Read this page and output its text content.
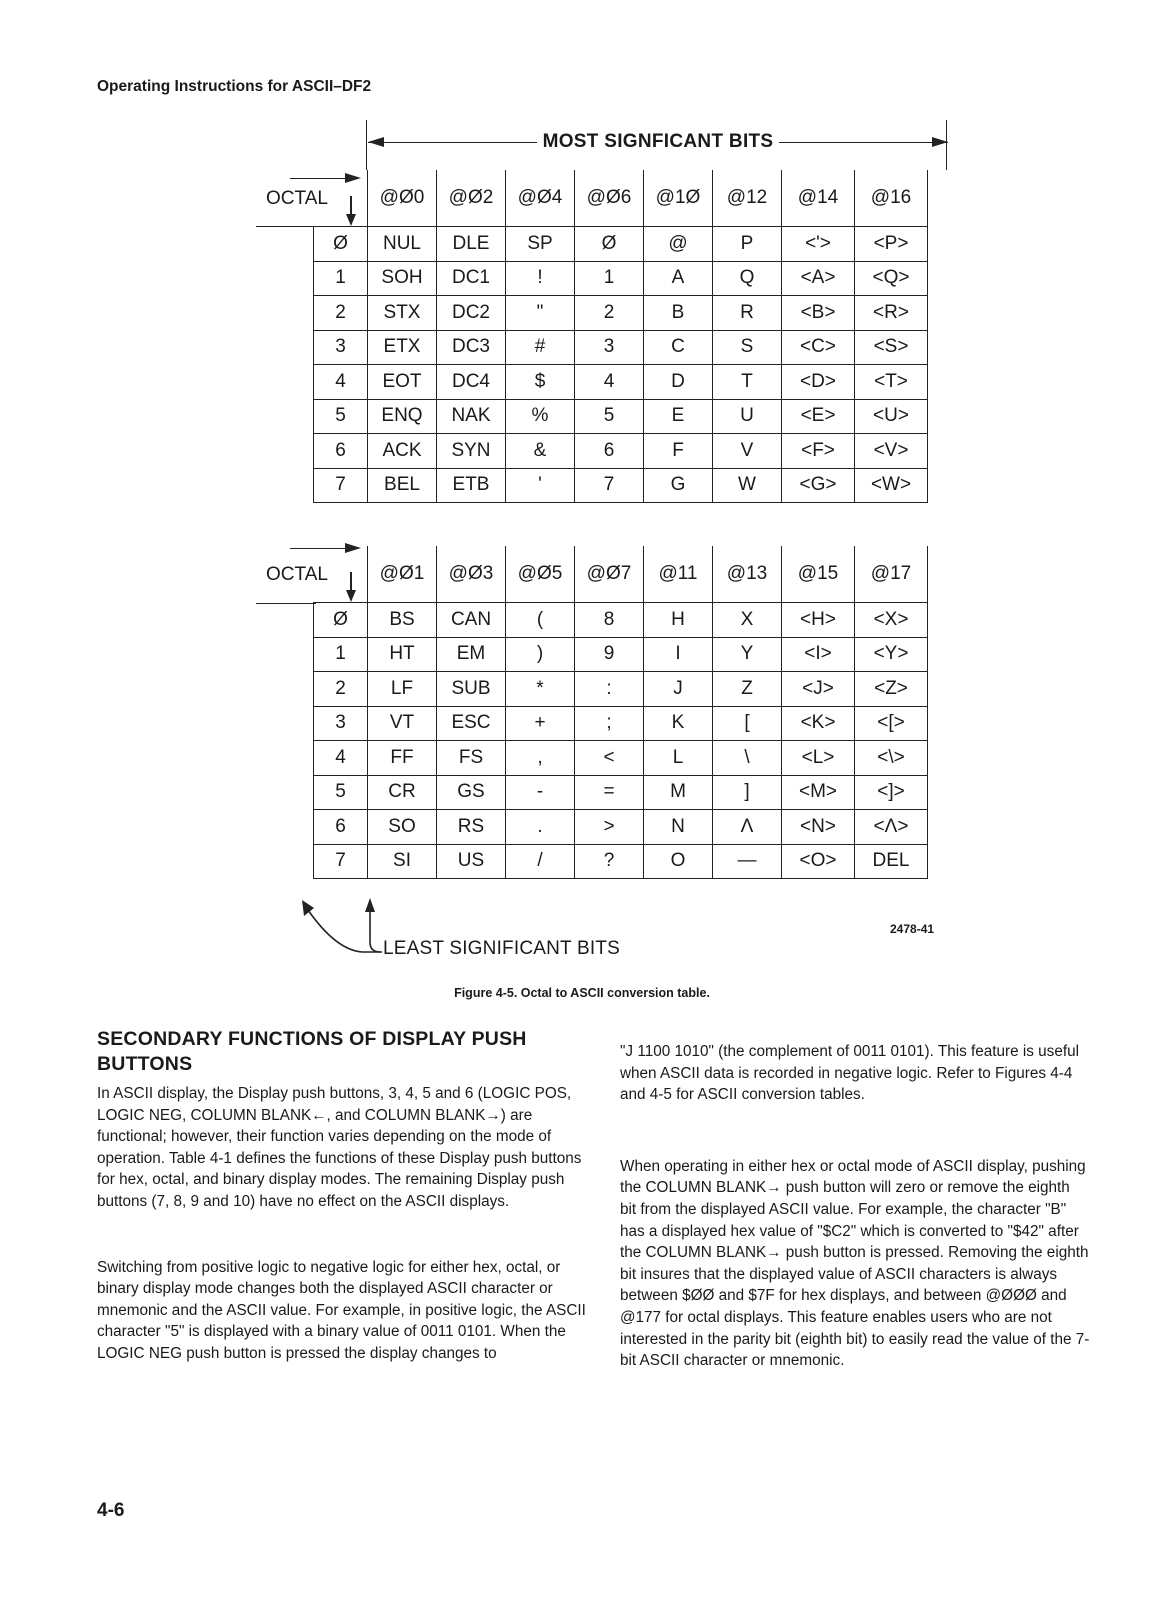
Operating Instructions for ASCII–DF2
MOST SIGNFICANT BITS
OCTAL
		@Ø0	@Ø2	@Ø4	@Ø6	@1Ø	@12	@14	@16
Ø	NUL	DLE	SP	Ø	@	P	<'>	<P>
1	SOH	DC1	!	1	A	Q	<A>	<Q>
2	STX	DC2	"	2	B	R	<B>	<R>
3	ETX	DC3	#	3	C	S	<C>	<S>
4	EOT	DC4	$	4	D	T	<D>	<T>
5	ENQ	NAK	%	5	E	U	<E>	<U>
6	ACK	SYN	&	6	F	V	<F>	<V>
7	BEL	ETB	'	7	G	W	<G>	<W>
OCTAL
		@Ø1	@Ø3	@Ø5	@Ø7	@11	@13	@15	@17
Ø	BS	CAN	(	8	H	X	<H>	<X>
1	HT	EM	)	9	I	Y	<I>	<Y>
2	LF	SUB	*	:	J	Z	<J>	<Z>
3	VT	ESC	+	;	K	[	<K>	<[>
4	FF	FS	,	<	L	\	<L>	<\>
5	CR	GS	-	=	M	]	<M>	<]>
6	SO	RS	.	>	N	Λ	<N>	<Λ>
7	SI	US	/	?	O	—	<O>	DEL
LEAST SIGNIFICANT BITS
2478-41
Figure 4-5. Octal to ASCII conversion table.
SECONDARY FUNCTIONS OF DISPLAY PUSH BUTTONS

In ASCII display, the Display push buttons, 3, 4, 5 and 6 (LOGIC POS, LOGIC NEG, COLUMN BLANK←, and COLUMN BLANK→) are functional; however, their function varies depending on the mode of operation. Table 4-1 defines the functions of these Display push buttons for hex, octal, and binary display modes. The remaining Display push buttons (7, 8, 9 and 10) have no effect on the ASCII displays.

Switching from positive logic to negative logic for either hex, octal, or binary display mode changes both the displayed ASCII character or mnemonic and the ASCII value. For example, in positive logic, the ASCII character "5" is displayed with a binary value of 0011 0101. When the LOGIC NEG push button is pressed the display changes to

"J 1100 1010" (the complement of 0011 0101). This feature is useful when ASCII data is recorded in negative logic. Refer to Figures 4-4 and 4-5 for ASCII conversion tables.

When operating in either hex or octal mode of ASCII display, pushing the COLUMN BLANK→ push button will zero or remove the eighth bit from the displayed ASCII value. For example, the character "B" has a displayed hex value of "$C2" which is converted to "$42" after the COLUMN BLANK→ push button is pressed. Removing the eighth bit insures that the displayed value of ASCII characters is always between $ØØ and $7F for hex displays, and between @ØØØ and @177 for octal displays. This feature enables users who are not interested in the parity bit (eighth bit) to easily read the value of the 7-bit ASCII character or mnemonic.

4-6
